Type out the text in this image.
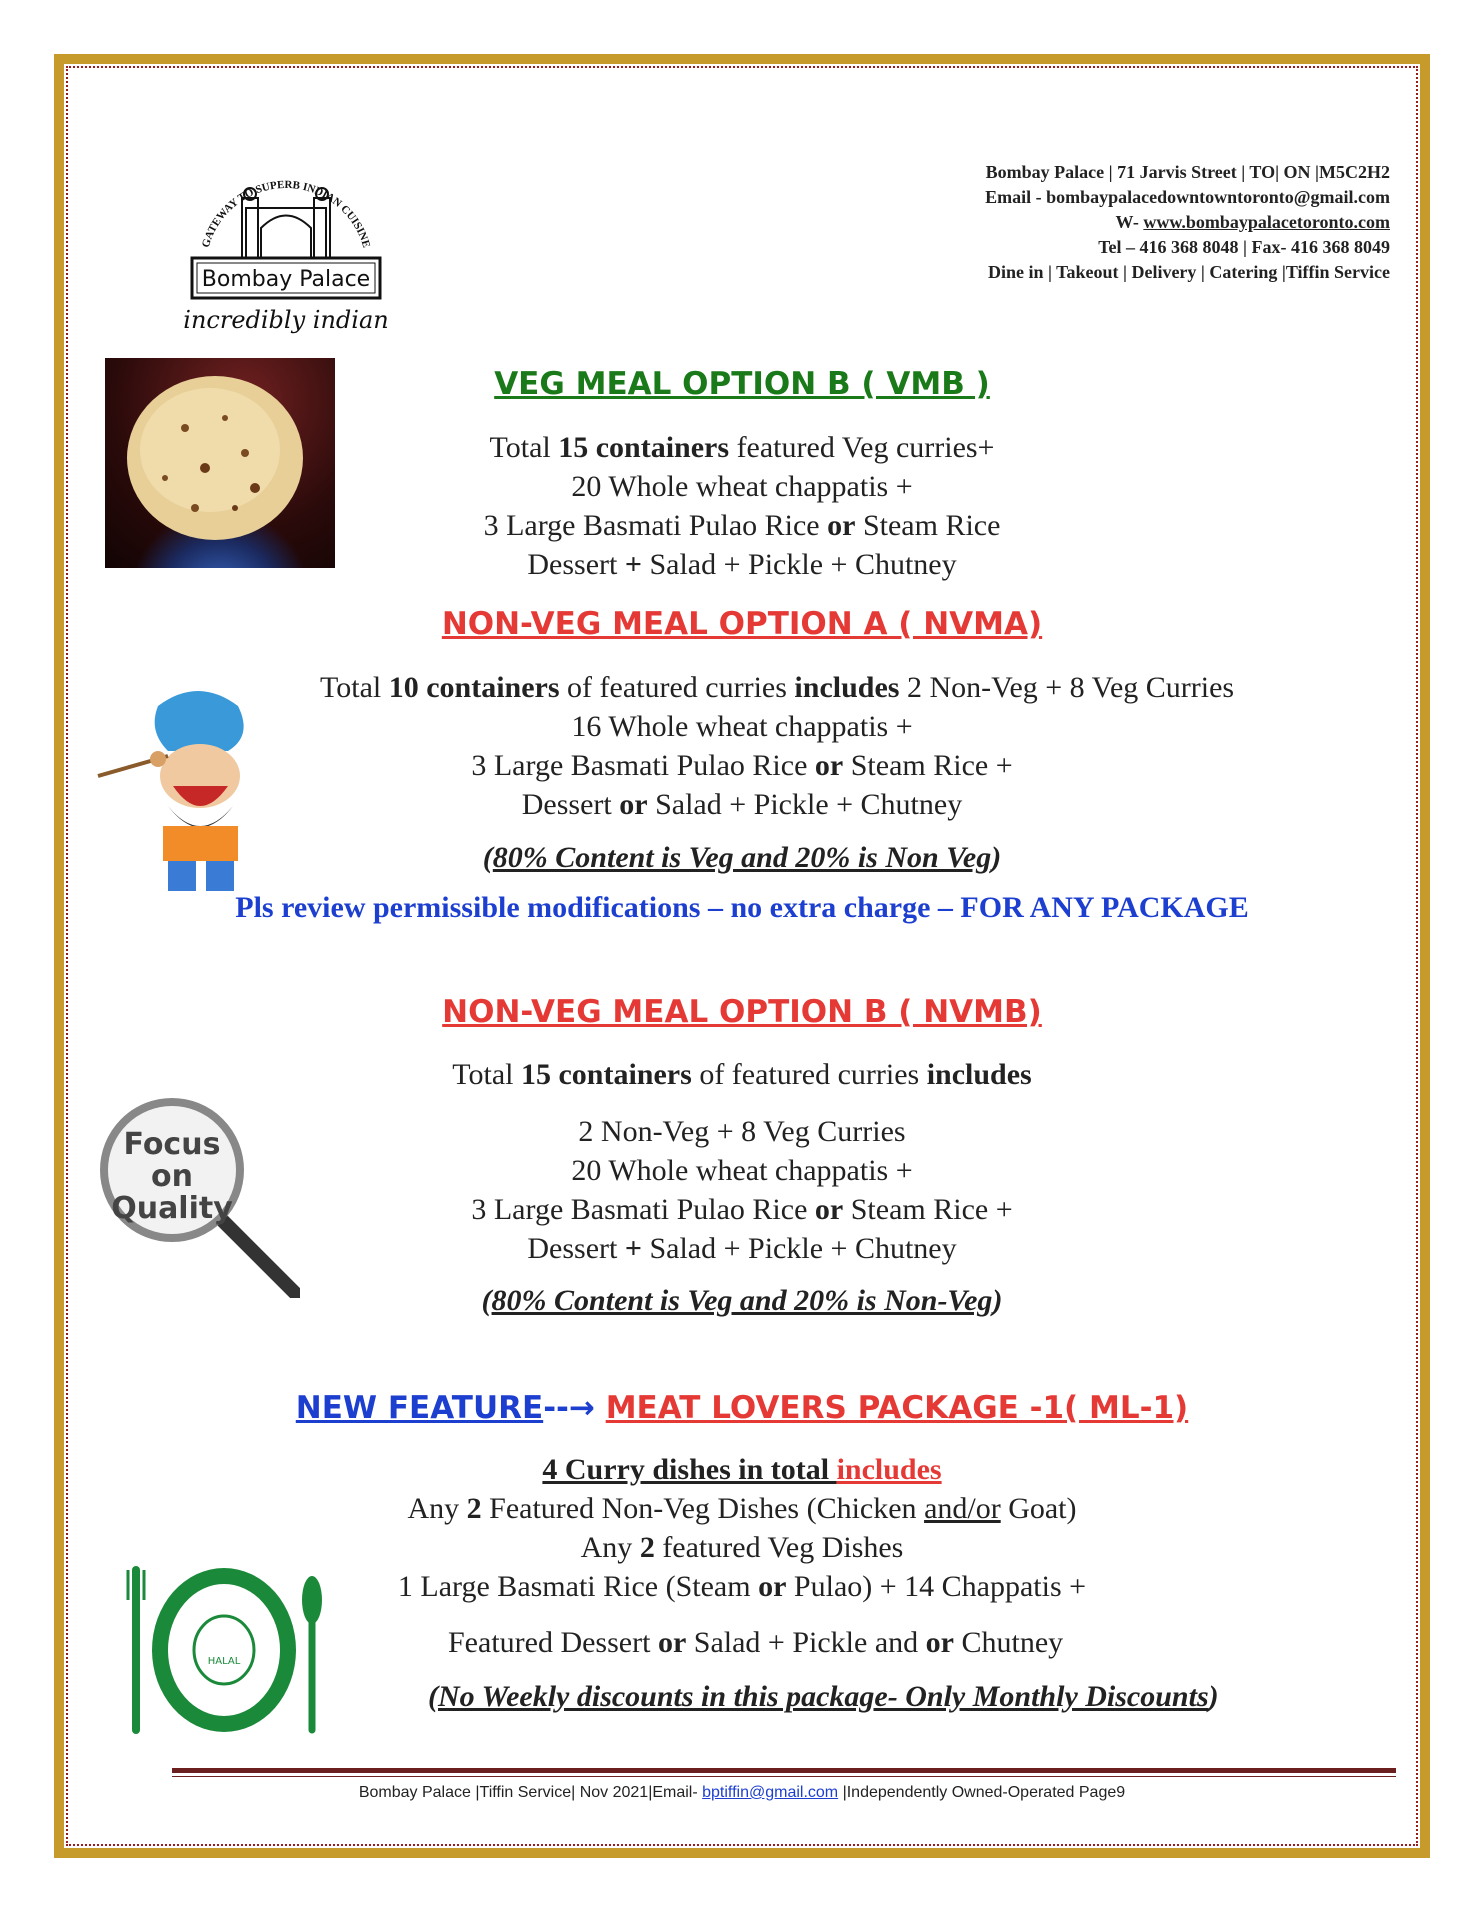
GATEWAY TO SUPERB INDIAN CUISINE
Bombay Palace
incredibly indian
Bombay Palace | 71 Jarvis Street | TO| ON |M5C2H2
Email - bombaypalacedowntowntoronto@gmail.com
W- www.bombaypalacetoronto.com
Tel – 416 368 8048 | Fax- 416 368 8049
Dine in | Takeout | Delivery | Catering |Tiffin Service
VEG MEAL OPTION B ( VMB )
Total 15 containers featured Veg curries+
20 Whole wheat chappatis +
3 Large Basmati Pulao Rice or Steam Rice
Dessert + Salad + Pickle + Chutney
NON-VEG MEAL OPTION A ( NVMA)
Total 10 containers of featured curries includes 2 Non-Veg + 8 Veg Curries
16 Whole wheat chappatis +
3 Large Basmati Pulao Rice or Steam Rice +
Dessert or Salad + Pickle + Chutney
(80% Content is Veg and 20% is Non Veg)
Pls review permissible modifications – no extra charge – FOR ANY PACKAGE
NON-VEG MEAL OPTION B ( NVMB)
Total 15 containers of featured curries includes
2 Non-Veg + 8 Veg Curries
20 Whole wheat chappatis +
3 Large Basmati Pulao Rice or Steam Rice +
Dessert + Salad + Pickle + Chutney
(80% Content is Veg and 20% is Non-Veg)
Focus
on
Quality
NEW FEATURE--→ MEAT LOVERS PACKAGE -1( ML-1)
4 Curry dishes in total includes
Any 2 Featured Non-Veg Dishes (Chicken and/or Goat)
Any 2 featured Veg Dishes
1 Large Basmati Rice (Steam or Pulao) + 14 Chappatis +
Featured Dessert or Salad + Pickle and or Chutney
(No Weekly discounts in this package- Only Monthly Discounts)
HALAL
Bombay Palace |Tiffin Service| Nov 2021|Email- bptiffin@gmail.com |Independently Owned-Operated Page9
